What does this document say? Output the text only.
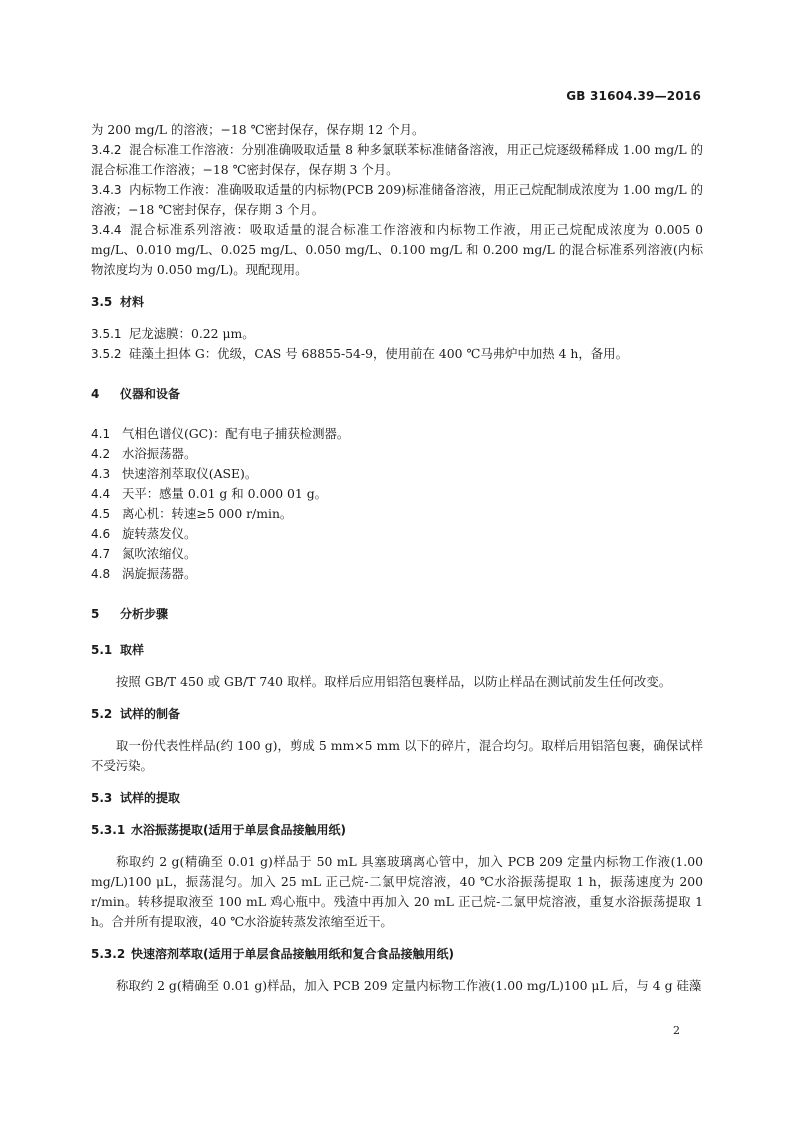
GB 31604.39—2016

为 200 mg/L 的溶液；−18 ℃密封保存，保存期 12 个月。

3.4.2 混合标准工作溶液：分别准确吸取适量 8 种多氯联苯标准储备溶液，用正己烷逐级稀释成 1.00 mg/L 的混合标准工作溶液；−18 ℃密封保存，保存期 3 个月。

3.4.3 内标物工作液：准确吸取适量的内标物(PCB 209)标准储备溶液，用正己烷配制成浓度为 1.00 mg/L 的溶液；−18 ℃密封保存，保存期 3 个月。

3.4.4 混合标准系列溶液：吸取适量的混合标准工作溶液和内标物工作液，用正己烷配成浓度为 0.005 0 mg/L、0.010 mg/L、0.025 mg/L、0.050 mg/L、0.100 mg/L 和 0.200 mg/L 的混合标准系列溶液(内标物浓度均为 0.050 mg/L)。现配现用。

3.5 材料

3.5.1 尼龙滤膜：0.22 μm。

3.5.2 硅藻土担体 G：优级，CAS 号 68855-54-9，使用前在 400 ℃马弗炉中加热 4 h，备用。

4 仪器和设备

4.1 气相色谱仪(GC)：配有电子捕获检测器。

4.2 水浴振荡器。

4.3 快速溶剂萃取仪(ASE)。

4.4 天平：感量 0.01 g 和 0.000 01 g。

4.5 离心机：转速≥5 000 r/min。

4.6 旋转蒸发仪。

4.7 氮吹浓缩仪。

4.8 涡旋振荡器。

5 分析步骤

5.1 取样

按照 GB/T 450 或 GB/T 740 取样。取样后应用铝箔包裹样品，以防止样品在测试前发生任何改变。

5.2 试样的制备

取一份代表性样品(约 100 g)，剪成 5 mm×5 mm 以下的碎片，混合均匀。取样后用铝箔包裹，确保试样不受污染。

5.3 试样的提取

5.3.1 水浴振荡提取(适用于单层食品接触用纸)

称取约 2 g(精确至 0.01 g)样品于 50 mL 具塞玻璃离心管中，加入 PCB 209 定量内标物工作液(1.00 mg/L)100 μL，振荡混匀。加入 25 mL 正己烷-二氯甲烷溶液，40 ℃水浴振荡提取 1 h，振荡速度为 200 r/min。转移提取液至 100 mL 鸡心瓶中。残渣中再加入 20 mL 正己烷-二氯甲烷溶液，重复水浴振荡提取 1 h。合并所有提取液，40 ℃水浴旋转蒸发浓缩至近干。

5.3.2 快速溶剂萃取(适用于单层食品接触用纸和复合食品接触用纸)

称取约 2 g(精确至 0.01 g)样品，加入 PCB 209 定量内标物工作液(1.00 mg/L)100 μL 后，与 4 g 硅藻

2
